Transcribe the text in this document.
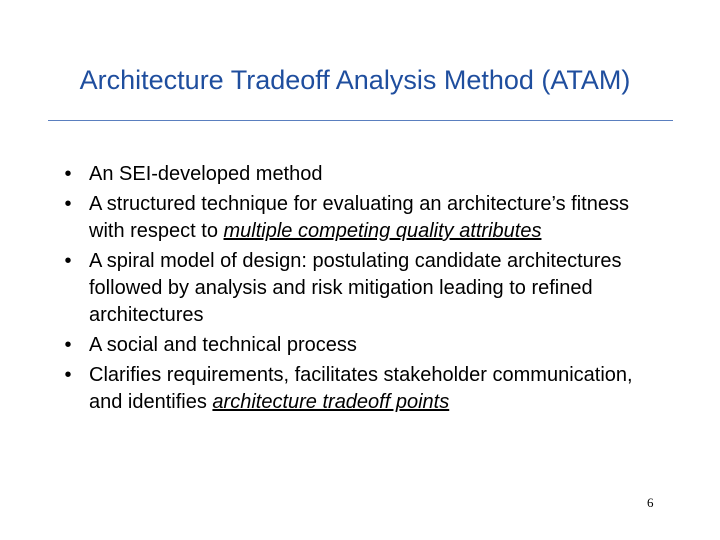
Architecture Tradeoff Analysis Method (ATAM)
• An SEI-developed method
• A structured technique for evaluating an architecture’s fitness with respect to multiple competing quality attributes
• A spiral model of design: postulating candidate architectures followed by analysis and risk mitigation leading to refined architectures
• A social and technical process
• Clarifies requirements, facilitates stakeholder communication, and identifies architecture tradeoff points
6
